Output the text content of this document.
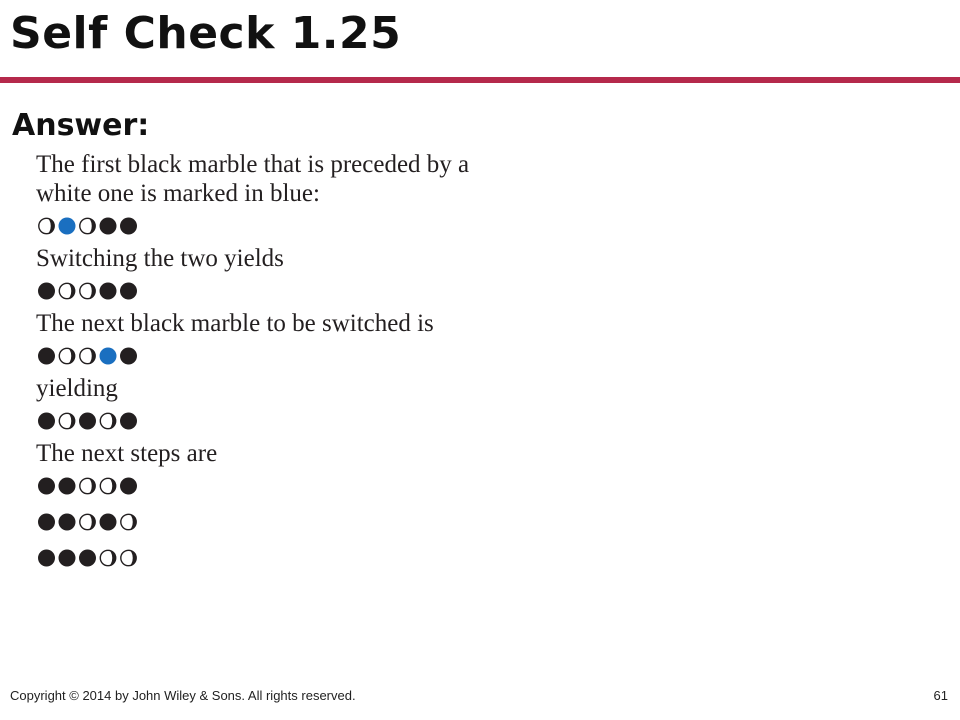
Self Check 1.25
Answer:
The first black marble that is preceded by a
white one is marked in blue:
Switching the two yields
The next black marble to be switched is
yielding
The next steps are
Copyright © 2014 by John Wiley & Sons. All rights reserved.	61
